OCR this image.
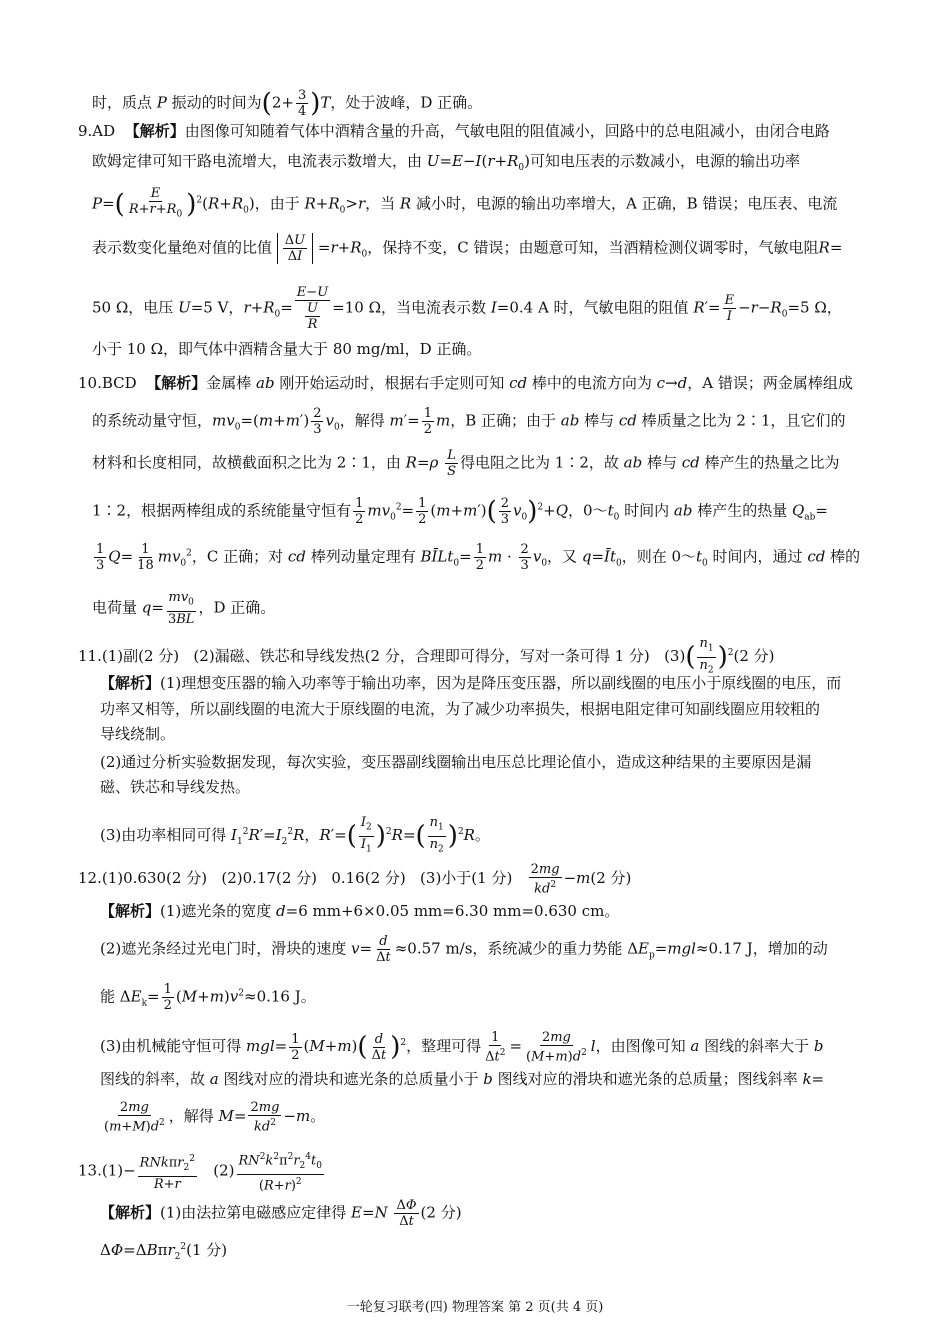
时，质点 P 振动的时间为$(2+ \frac{3}{4} )T$，处于波峰，D 正确。
9.AD  【解析】由图像可知随着气体中酒精含量的升高，气敏电阻的阻值减小，回路中的总电阻减小，由闭合电路
欧姆定律可知干路电流增大，电流表示数增大，由 $U=E-I(r+R_0)$可知电压表的示数减小，电源的输出功率
$P=( \frac{E}{R+r+R_0} )^2(R+R_0)$，由于 $R+R_0>r$，当 R 减小时，电源的输出功率增大，A 正确，B 错误；电压表、电流
表示数变化量绝对值的比值 $\frac{\Delta U}{\Delta I} =r+R_0$，保持不变，C 错误；由题意可知，当酒精检测仪调零时，气敏电阻R=
50 Ω，电压 U=5 V，$r+R_0= \frac{E-U}{\frac{U}{R}} =10$ Ω，当电流表示数 I=0.4 A 时，气敏电阻的阻值 $R'= \frac{E}{I} -r-R_0=5$ Ω，
小于 10 Ω，即气体中酒精含量大于 80 mg/ml，D 正确。
10.BCD  【解析】金属棒 ab 刚开始运动时，根据右手定则可知 cd 棒中的电流方向为 c→d，A 错误；两金属棒组成
的系统动量守恒，$mv_0=(m+m') \frac{2}{3} v_0$，解得 $m'= \frac{1}{2}$ m，B 正确；由于 ab 棒与 cd 棒质量之比为 2∶1，且它们的
材料和长度相同，故横截面积之比为 2∶1，由 $R=\rho \frac{L}{S}$ 得电阻之比为 1∶2，故 ab 棒与 cd 棒产生的热量之比为
1∶2，根据两棒组成的系统能量守恒有 $\frac{1}{2} mv_0^2= \frac{1}{2} (m+m')( \frac{2}{3} v_0)^2+Q$，$0\sim t_0$ 时间内 ab 棒产生的热量 $Q_{ab}=$
$\frac{1}{3} Q= \frac{1}{18} mv_0^2$，C 正确；对 cd 棒列动量定理有 BĪLt$_0$= $\frac{1}{2}$ $m \cdot \frac{2}{3} v_0$，又 $q=Īt_0$，则在 $0\sim t_0$ 时间内，通过 cd 棒的
电荷量 $q= \frac{mv_0}{3BL}$ ，D 正确。
11.(1)副(2 分)   (2)漏磁、铁芯和导线发热(2 分，合理即可得分，写对一条可得 1 分)   $(3)( \frac{n_1}{n_2} )^2(2$ 分)
【解析】(1)理想变压器的输入功率等于输出功率，因为是降压变压器，所以副线圈的电压小于原线圈的电压，而
功率又相等，所以副线圈的电流大于原线圈的电流，为了减少功率损失，根据电阻定律可知副线圈应用较粗的
导线绕制。
(2)通过分析实验数据发现，每次实验，变压器副线圈输出电压总比理论值小，造成这种结果的主要原因是漏
磁、铁芯和导线发热。
(3)由功率相同可得 $I_1^2R'=I_2^2R$，$R'=( \frac{I_2}{I_1} )^2R=( \frac{n_1}{n_2} )^2R$。
12.(1)0.630(2 分)   (2)0.17(2 分)   0.16(2 分)   (3)小于(1 分) $\frac{2mg}{kd^2} -m(2$ 分)
【解析】(1)遮光条的宽度 d=6 mm+6×0.05 mm=6.30 mm=0.630 cm。
(2)遮光条经过光电门时，滑块的速度 $v= \frac{d}{\Delta t} \approx 0.57$ m/s，系统减少的重力势能 $\Delta E_p=mgl\approx 0.17$ J，增加的动
能 $\Delta E_k= \frac{1}{2} (M+m)v^2\approx 0.16$ J。
(3)由机械能守恒可得 $mgl= \frac{1}{2} (M+m)( \frac{d}{\Delta t} )^2$，整理可得 $\frac{1}{\Delta t^2} = \frac{2mg}{(M+m)d^2}$ l，由图像可知 a 图线的斜率大于 b
图线的斜率，故 a 图线对应的滑块和遮光条的总质量小于 b 图线对应的滑块和遮光条的总质量；图线斜率 k=
$\frac{2mg}{(m+M)d^2}$ ，解得 $M= \frac{2mg}{kd^2} -m$。
$13.(1)- \frac{RNk\pi r_2^2}{R+r} (2) \frac{RN^2k^2\pi^2r_2^4t_0}{(R+r)^2}$
【解析】(1)由法拉第电磁感应定律得 $E=N \frac{\Delta\Phi}{\Delta t} (2$ 分)
ΔΦ=ΔBπr$_2^2$(1 分)
一轮复习联考(四) 物理答案 第 2 页(共 4 页)
